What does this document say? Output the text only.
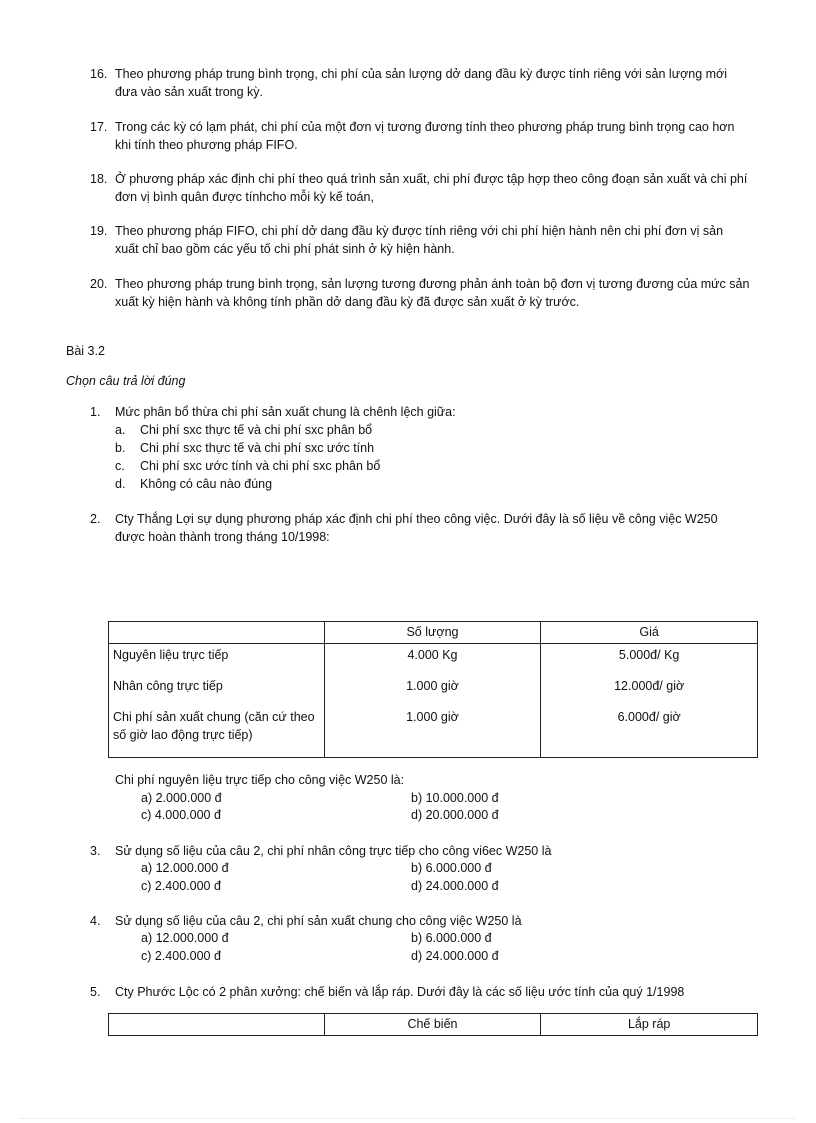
16. Theo phương pháp trung bình trọng, chi phí của sản lượng dở dang đầu kỳ được tính riêng với sản lượng mới đưa vào sản xuất trong kỳ.
17. Trong các kỳ có lạm phát, chi phí của một đơn vị tương đương tính theo phương pháp trung bình trọng cao hơn khi tính theo phương pháp FIFO.
18. Ở phương pháp xác định chi phí theo quá trình sản xuất, chi phí được tập hợp theo công đoạn sản xuất và chi phí đơn vị bình quân được tínhcho mỗi kỳ kế toán,
19. Theo phương pháp FIFO, chi phí dở dang đầu kỳ được tính riêng với chi phí hiện hành nên chi phí đơn vị sản xuất chỉ bao gồm các yếu tố chi phí phát sinh ở kỳ hiện hành.
20. Theo phương pháp trung bình trọng, sản lượng tương đương phản ánh toàn bộ đơn vị tương đương của mức sản xuất kỳ hiện hành và không tính phần dở dang đầu kỳ đã được sản xuất ở kỳ trước.
Bài 3.2
Chọn câu trả lời đúng
1. Mức phân bổ thừa chi phí sản xuất chung là chênh lệch giữa:
a. Chi phí sxc thực tế và chi phí sxc phân bổ
b. Chi phí sxc thực tế và chi phí sxc ước tính
c. Chi phí sxc ước tính và chi phí sxc phân bổ
d. Không có câu nào đúng
2. Cty Thắng Lợi sự dụng phương pháp xác định chi phí theo công việc. Dưới đây là số liệu về công việc W250 được hoàn thành trong tháng 10/1998:
	Số lượng	Giá
Nguyên liệu trực tiếp	4.000 Kg	5.000đ/ Kg
Nhân công trực tiếp	1.000 giờ	12.000đ/ giờ
Chi phí sản xuất chung (căn cứ theo số giờ lao động trực tiếp)	1.000 giờ	6.000đ/ giờ
Chi phí nguyên liệu trực tiếp cho công việc W250 là:
a) 2.000.000 đ	b) 10.000.000 đ
c) 4.000.000 đ	d) 20.000.000 đ
3. Sử dụng số liệu của câu 2, chi phí nhân công trực tiếp cho công vi6ec W250 là
a) 12.000.000 đ	b) 6.000.000 đ
c) 2.400.000 đ	d) 24.000.000 đ
4. Sử dụng số liệu của câu 2, chi phí sản xuất chung cho công việc W250 là
a) 12.000.000 đ	b) 6.000.000 đ
c) 2.400.000 đ	d) 24.000.000 đ
5. Cty Phước Lộc có 2 phân xưởng: chế biến và lắp ráp. Dưới đây là các số liệu ước tính của quý 1/1998
	Chế biến	Lắp ráp
